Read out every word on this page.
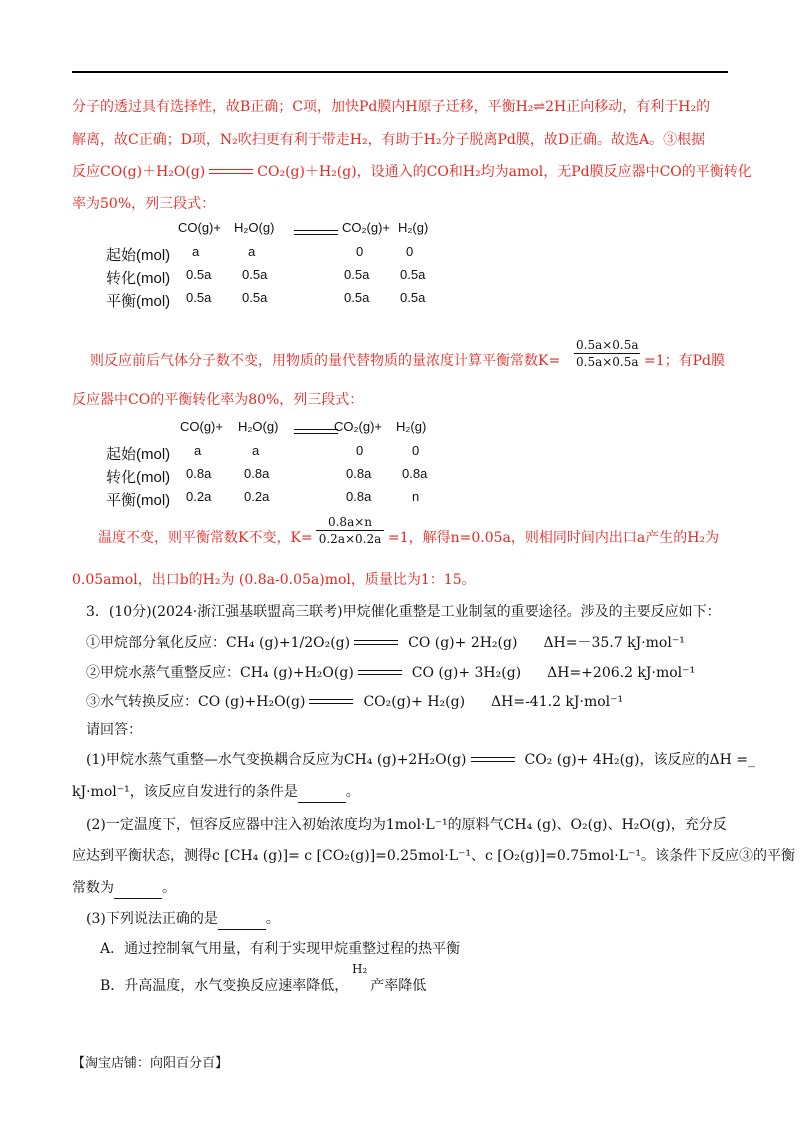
分子的透过具有选择性，故B正确；C项，加快Pd膜内H原子迁移，平衡H₂⇌2H正向移动，有利于H₂的
解离，故C正确；D项，N₂吹扫更有利于带走H₂，有助于H₂分子脱离Pd膜，故D正确。故选A。③根据
反应CO(g)＋H₂O(g)	CO₂(g)＋H₂(g)，设通入的CO和H₂均为amol，无Pd膜反应器中CO的平衡转化
率为50%，列三段式：
CO(g)+ H₂O(g)	CO₂(g)+ H₂(g)
起始(mol) a	a	0	0
转化(mol) 0.5a 0.5a	0.5a 0.5a
平衡(mol) 0.5a 0.5a	0.5a 0.5a
则反应前后气体分子数不变，用物质的量代替物质的量浓度计算平衡常数K=
0.5a×0.5a
0.5a×0.5a =1；有Pd膜
反应器中CO的平衡转化率为80%，列三段式：
CO(g)+ H₂O(g)	CO₂(g)+ H₂(g)
起始(mol) a	a	0	0
转化(mol) 0.8a	0.8a	0.8a 0.8a
平衡(mol) 0.2a	0.2a	0.8a	n
温度不变，则平衡常数K不变，K=
0.8a×n
0.2a×0.2a =1，解得n=0.05a，则相同时间内出口a产生的H₂为
0.05amol，出口b的H₂为 (0.8a-0.05a)mol，质量比为1：15。
3．(10分)(2024·浙江强基联盟高三联考)甲烷催化重整是工业制氢的重要途径。涉及的主要反应如下：
①甲烷部分氧化反应：CH₄ (g)+1/2O₂(g)	CO (g)+ 2H₂(g) ΔH=－35.7 kJ·mol⁻¹
②甲烷水蒸气重整反应：CH₄ (g)+H₂O(g)	CO (g)+ 3H₂(g) ΔH=+206.2 kJ·mol⁻¹
③水气转换反应：CO (g)+H₂O(g)	CO₂(g)+ H₂(g) ΔH=-41.2 kJ·mol⁻¹
请回答：
(1)甲烷水蒸气重整—水气变换耦合反应为CH₄ (g)+2H₂O(g)	CO₂ (g)+ 4H₂(g)，该反应的ΔH =_
kJ·mol⁻¹，该反应自发进行的条件是	。
(2)一定温度下，恒容反应器中注入初始浓度均为1mol·L⁻¹的原料气CH₄ (g)、O₂(g)、H₂O(g)，充分反
应达到平衡状态，测得c [CH₄ (g)]= c [CO₂(g)]=0.25mol·L⁻¹、c [O₂(g)]=0.75mol·L⁻¹。该条件下反应③的平衡
常数为	。
(3)下列说法正确的是	。
A．通过控制氧气用量，有利于实现甲烷重整过程的热平衡
H₂
B．升高温度，水气变换反应速率降低， 产率降低
【淘宝店铺：向阳百分百】
